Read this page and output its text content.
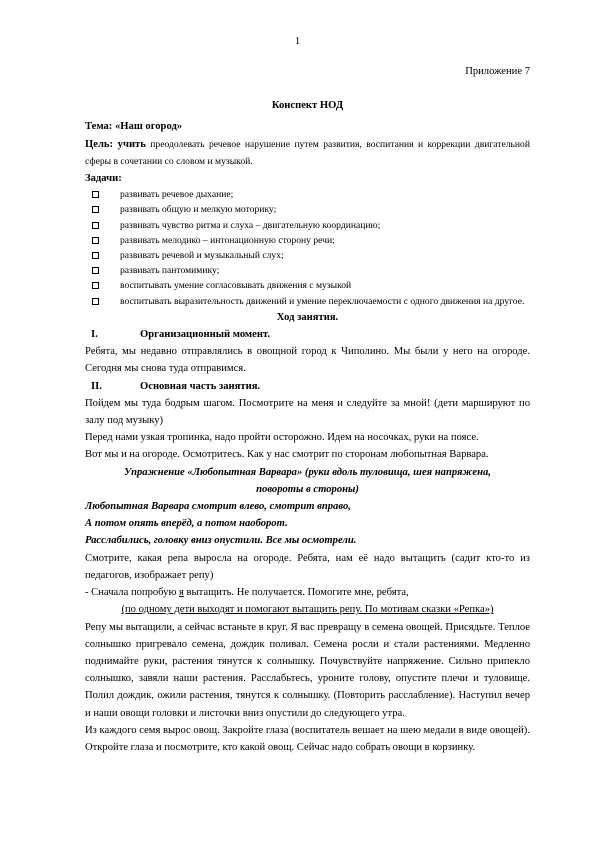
1

Приложение 7

Конспект НОД

Тема: «Наш огород»

Цель: учить преодолевать речевое нарушение путем развития, воспитания и коррекции двигательной сферы в сочетании со словом и музыкой.

Задачи:

развивать речевое дыхание;
развивать общую и мелкую моторику;
развивать чувство ритма и слуха – двигательную координацию;
развивать мелодико – интонационную сторону речи;
развивать речевой и музыкальный слух;
развивать пантомимику;
воспитывать умение согласовывать движения с музыкой
воспитывать выразительность движений и умение переключаемости с одного движения на другое.

Ход занятия.

I.	Организационный момент.

Ребята, мы недавно отправлялись в овощной город к Чиполино. Мы были у него на огороде. Сегодня мы снова туда отправимся.

II.	Основная часть занятия.

Пойдем мы туда бодрым шагом. Посмотрите на меня и следуйте за мной! (дети маршируют по залу под музыку)

Перед нами узкая тропинка, надо пройти осторожно. Идем на носочках, руки на поясе.

Вот мы и на огороде. Осмотритесь. Как у нас смотрит по сторонам любопытная Варвара.

Упражнение «Любопытная Варвара» (руки вдоль туловища, шея напряжена,

повороты в стороны)

Любопытная Варвара смотрит влево, смотрит вправо,

А потом опять вперёд, а потом наоборот.

Расслабились, головку вниз опустили. Все мы осмотрели.

Смотрите, какая репа выросла на огороде. Ребята, нам её надо вытащить (садит кто-то из педагогов, изображает репу)

- Сначала попробую я вытащить. Не получается. Помогите мне, ребята,

(по одному дети выходят и помогают вытащить репу. По мотивам сказки «Репка»)

Репу мы вытащили, а сейчас встаньте в круг. Я вас превращу в семена овощей. Присядьте. Теплое солнышко пригревало семена, дождик поливал. Семена росли и стали растениями. Медленно поднимайте руки, растения тянутся к солнышку. Почувствуйте напряжение. Сильно припекло солнышко, завяли наши растения. Расслабьтесь, уроните голову, опустите плечи и туловище. Полил дождик, ожили растения, тянутся к солнышку. (Повторить расслабление). Наступил вечер и наши овощи головки и листочки вниз опустили до следующего утра.

Из каждого семя вырос овощ. Закройте глаза (воспитатель вешает на шею медали в виде овощей). Откройте глаза и посмотрите, кто какой овощ. Сейчас надо собрать овощи в корзинку.
